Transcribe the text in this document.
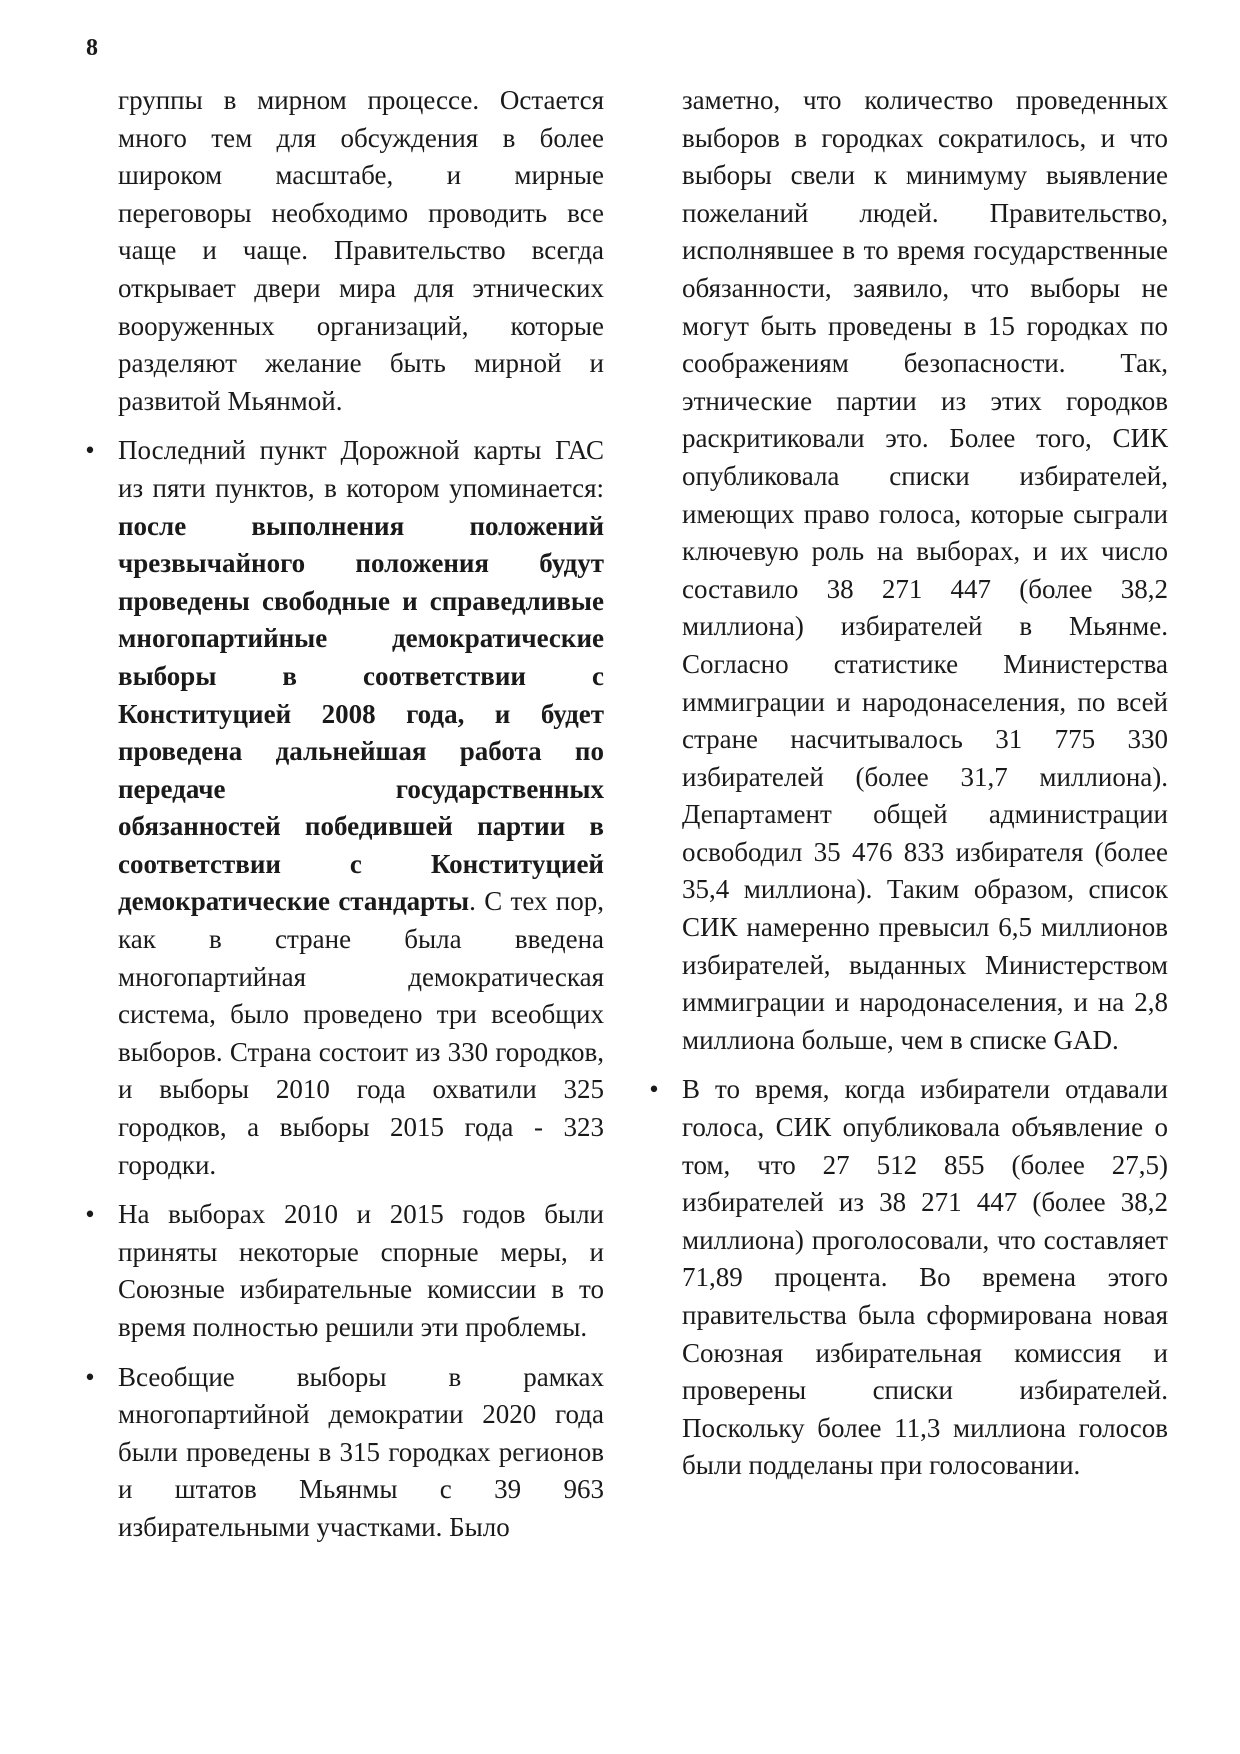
8

группы в мирном процессе. Остается много тем для обсуждения в более широком масштабе, и мирные переговоры необходимо проводить все чаще и чаще. Правительство всегда открывает двери мира для этнических вооруженных организаций, которые разделяют желание быть мирной и развитой Мьянмой.

• Последний пункт Дорожной карты ГАС из пяти пунктов, в котором упоминается: после выполнения положений чрезвычайного положения будут проведены свободные и справедливые многопартийные демократические выборы в соответствии с Конституцией 2008 года, и будет проведена дальнейшая работа по передаче государственных обязанностей победившей партии в соответствии с Конституцией демократические стандарты. С тех пор, как в стране была введена многопартийная демократическая система, было проведено три всеобщих выборов. Страна состоит из 330 городков, и выборы 2010 года охватили 325 городков, а выборы 2015 года - 323 городки.

• На выборах 2010 и 2015 годов были приняты некоторые спорные меры, и Союзные избирательные комиссии в то время полностью решили эти проблемы.

• Всеобщие выборы в рамках многопартийной демократии 2020 года были проведены в 315 городках регионов и штатов Мьянмы с 39 963 избирательными участками. Было

заметно, что количество проведенных выборов в городках сократилось, и что выборы свели к минимуму выявление пожеланий людей. Правительство, исполнявшее в то время государственные обязанности, заявило, что выборы не могут быть проведены в 15 городках по соображениям безопасности. Так, этнические партии из этих городков раскритиковали это. Более того, СИК опубликовала списки избирателей, имеющих право голоса, которые сыграли ключевую роль на выборах, и их число составило 38 271 447 (более 38,2 миллиона) избирателей в Мьянме. Согласно статистике Министерства иммиграции и народонаселения, по всей стране насчитывалось 31 775 330 избирателей (более 31,7 миллиона). Департамент общей администрации освободил 35 476 833 избирателя (более 35,4 миллиона). Таким образом, список СИК намеренно превысил 6,5 миллионов избирателей, выданных Министерством иммиграции и народонаселения, и на 2,8 миллиона больше, чем в списке GAD.

• В то время, когда избиратели отдавали голоса, СИК опубликовала объявление о том, что 27 512 855 (более 27,5) избирателей из 38 271 447 (более 38,2 миллиона) проголосовали, что составляет 71,89 процента. Во времена этого правительства была сформирована новая Союзная избирательная комиссия и проверены списки избирателей. Поскольку более 11,3 миллиона голосов были подделаны при голосовании.
